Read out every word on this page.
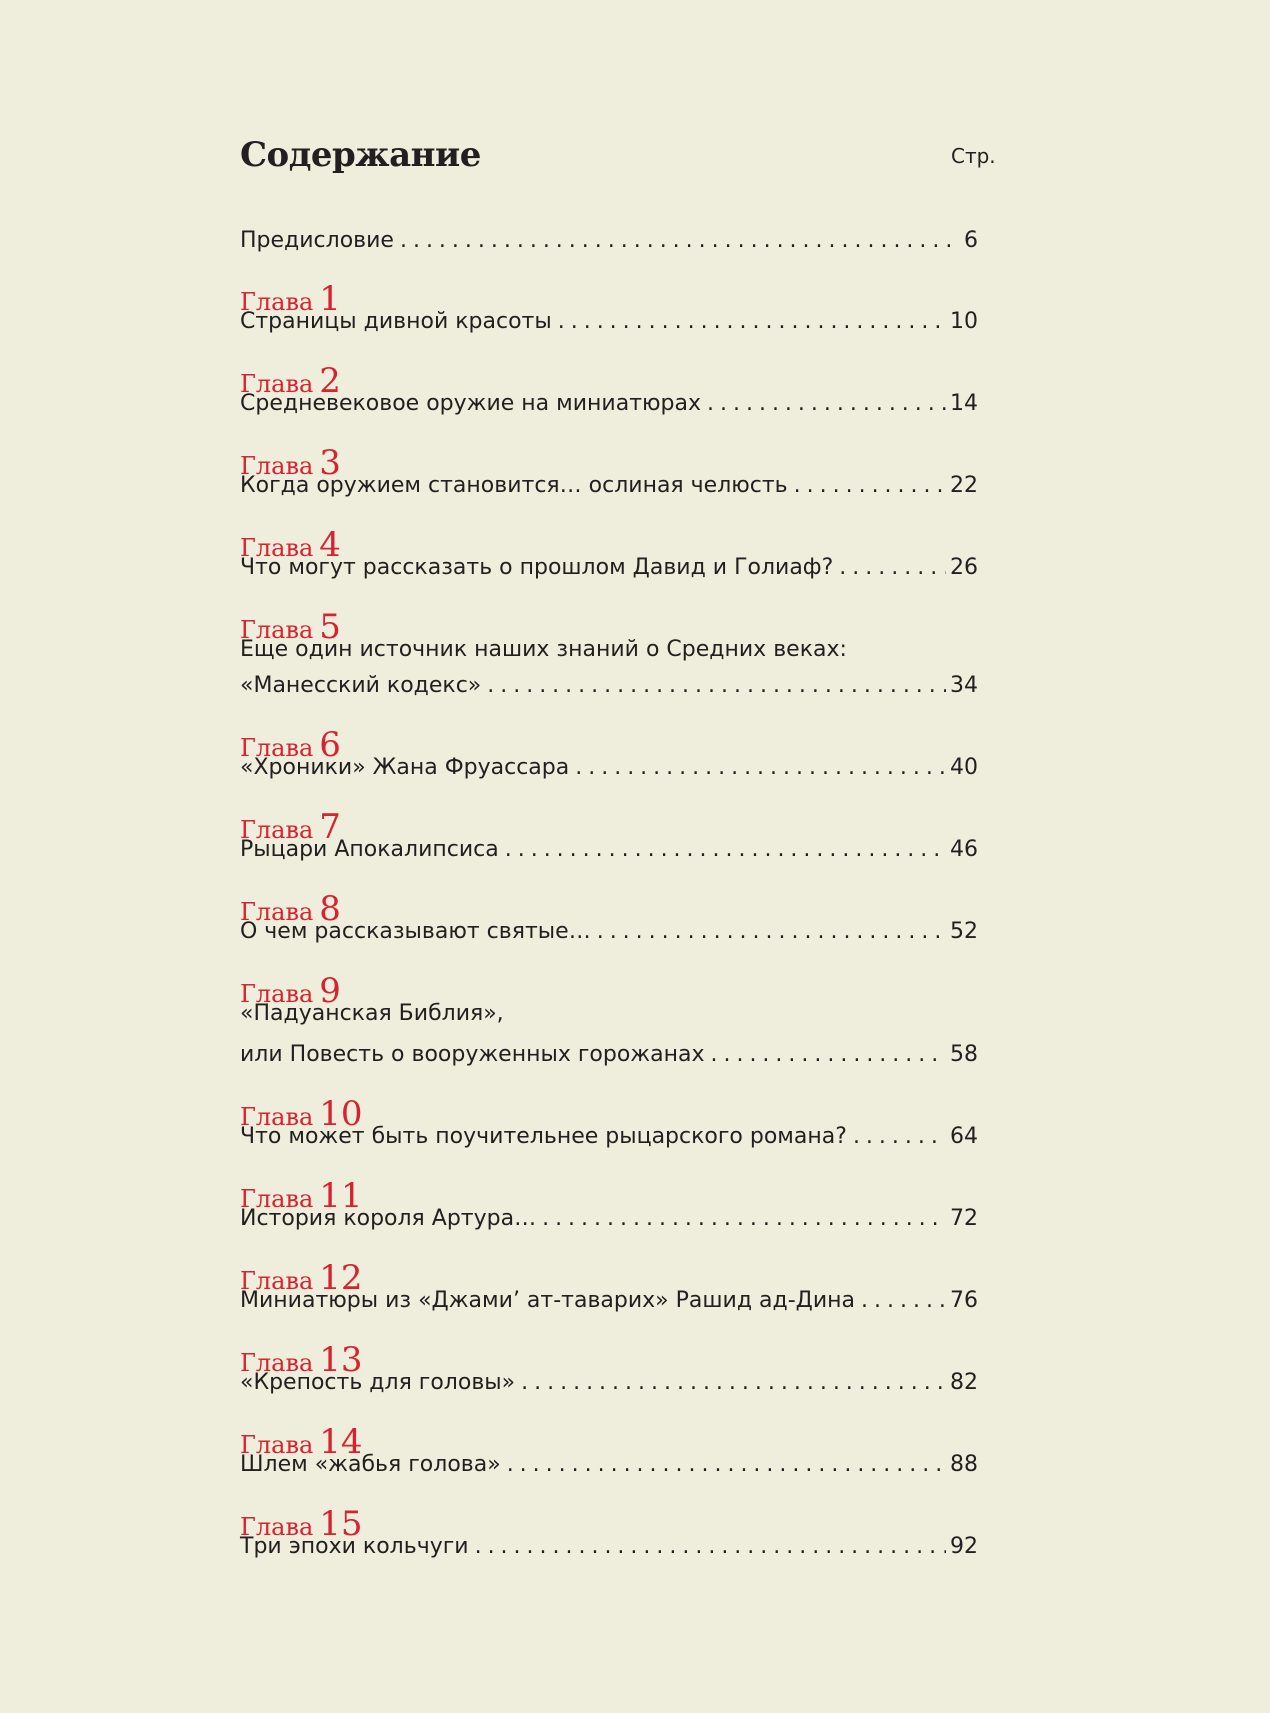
Содержание	Стр.
Предисловие . . .	6
Глава 1
Страницы дивной красоты . . .	10
Глава 2
Средневековое оружие на миниатюрах . . .	14
Глава 3
Когда оружием становится… ослиная челюсть . . .	22
Глава 4
Что могут рассказать о прошлом Давид и Голиаф? . . .	26
Глава 5
Еще один источник наших знаний о Средних веках:
«Манесский кодекс» . . .	34
Глава 6
«Хроники» Жана Фруассара . . .	40
Глава 7
Рыцари Апокалипсиса . . .	46
Глава 8
О чем рассказывают святые… . . .	52
Глава 9
«Падуанская Библия»,
или Повесть о вооруженных горожанах . . .	58
Глава 10
Что может быть поучительнее рыцарского романа? . . .	64
Глава 11
История короля Артура… . . .	72
Глава 12
Миниатюры из «Джами’ ат-таварих» Рашид ад-Дина . . .	76
Глава 13
«Крепость для головы» . . .	82
Глава 14
Шлем «жабья голова» . . .	88
Глава 15
Три эпохи кольчуги . . .	92
